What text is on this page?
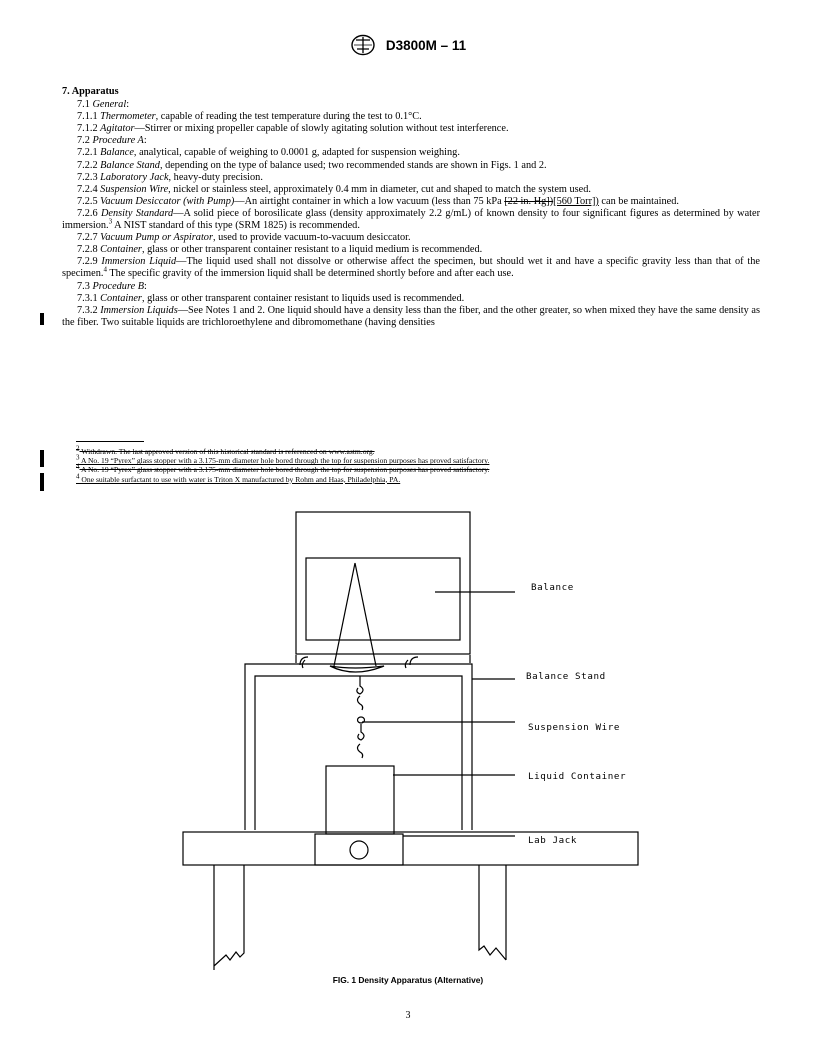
D3800M – 11
7. Apparatus

7.1 General:

7.1.1 Thermometer, capable of reading the test temperature during the test to 0.1°C.

7.1.2 Agitator—Stirrer or mixing propeller capable of slowly agitating solution without test interference.

7.2 Procedure A:

7.2.1 Balance, analytical, capable of weighing to 0.0001 g, adapted for suspension weighing.

7.2.2 Balance Stand, depending on the type of balance used; two recommended stands are shown in Figs. 1 and 2.

7.2.3 Laboratory Jack, heavy-duty precision.

7.2.4 Suspension Wire, nickel or stainless steel, approximately 0.4 mm in diameter, cut and shaped to match the system used.

7.2.5 Vacuum Desiccator (with Pump)—An airtight container in which a low vacuum (less than 75 kPa [22 in. Hg])[560 Torr]) can be maintained.

7.2.6 Density Standard—A solid piece of borosilicate glass (density approximately 2.2 g/mL) of known density to four significant figures as determined by water immersion.$^3$ A NIST standard of this type (SRM 1825) is recommended.

7.2.7 Vacuum Pump or Aspirator, used to provide vacuum-to-vacuum desiccator.

7.2.8 Container, glass or other transparent container resistant to a liquid medium is recommended.

7.2.9 Immersion Liquid—The liquid used shall not dissolve or otherwise affect the specimen, but should wet it and have a specific gravity less than that of the specimen.$^4$ The specific gravity of the immersion liquid shall be determined shortly before and after each use.

7.3 Procedure B:

7.3.1 Container, glass or other transparent container resistant to liquids used is recommended.

7.3.2 Immersion Liquids—See Notes 1 and 2. One liquid should have a density less than the fiber, and the other greater, so when mixed they have the same density as the fiber. Two suitable liquids are trichloroethylene and dibromomethane (having densities

$^2$ Withdrawn. The last approved version of this historical standard is referenced on www.astm.org.

$^3$ A No. 19 “Pyrex” glass stopper with a 3.175-mm diameter hole bored through the top for suspension purposes has proved satisfactory.

$^4$ A No. 19 “Pyrex” glass stopper with a 3.175-mm diameter hole bored through the top for suspension purposes has proved satisfactory.

$^4$ One suitable surfactant to use with water is Triton X manufactured by Rohm and Haas, Philadelphia, PA.

Balance
Balance Stand
Suspension Wire
Liquid Container
Lab Jack
FIG. 1 Density Apparatus (Alternative)
3
